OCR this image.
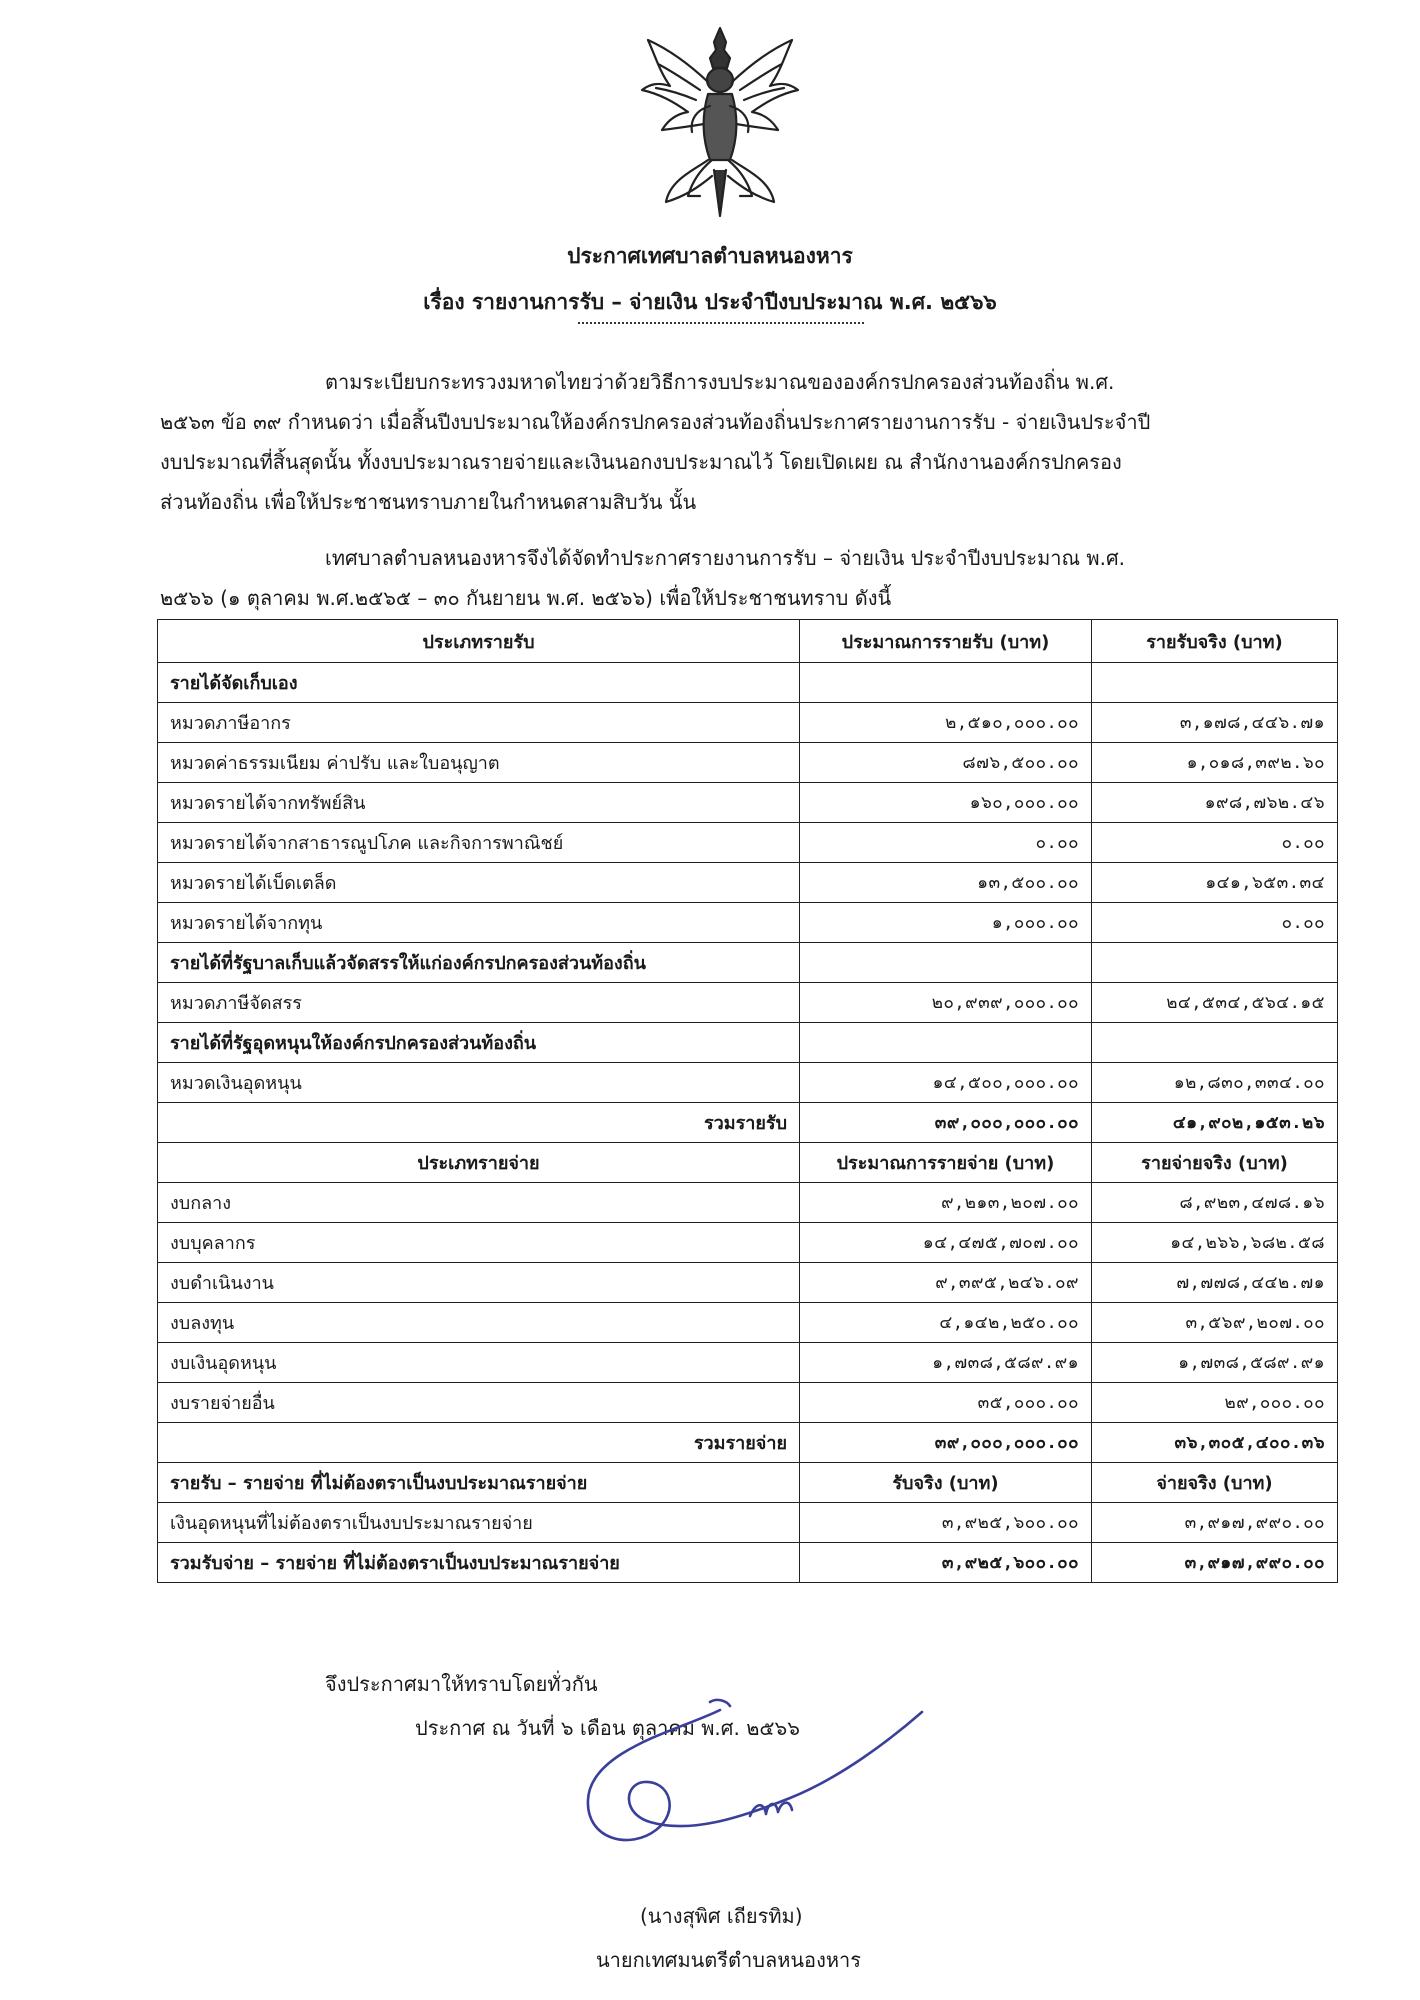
ประกาศเทศบาลตำบลหนองหาร
เรื่อง รายงานการรับ – จ่ายเงิน ประจำปีงบประมาณ พ.ศ. ๒๕๖๖
ตามระเบียบกระทรวงมหาดไทยว่าด้วยวิธีการงบประมาณขององค์กรปกครองส่วนท้องถิ่น พ.ศ.
๒๕๖๓ ข้อ ๓๙ กำหนดว่า เมื่อสิ้นปีงบประมาณให้องค์กรปกครองส่วนท้องถิ่นประกาศรายงานการรับ - จ่ายเงินประจำปี
งบประมาณที่สิ้นสุดนั้น ทั้งงบประมาณรายจ่ายและเงินนอกงบประมาณไว้ โดยเปิดเผย ณ สำนักงานองค์กรปกครอง
ส่วนท้องถิ่น เพื่อให้ประชาชนทราบภายในกำหนดสามสิบวัน นั้น
เทศบาลตำบลหนองหารจึงได้จัดทำประกาศรายงานการรับ – จ่ายเงิน ประจำปีงบประมาณ พ.ศ.
๒๕๖๖ (๑ ตุลาคม พ.ศ.๒๕๖๕ – ๓๐ กันยายน พ.ศ. ๒๕๖๖) เพื่อให้ประชาชนทราบ ดังนี้
ประเภทรายรับ	ประมาณการรายรับ (บาท)	รายรับจริง (บาท)
รายได้จัดเก็บเอง		
หมวดภาษีอากร	๒,๕๑๐,๐๐๐.๐๐	๓,๑๗๘,๔๔๖.๗๑
หมวดค่าธรรมเนียม ค่าปรับ และใบอนุญาต	๘๗๖,๕๐๐.๐๐	๑,๐๑๘,๓๙๒.๖๐
หมวดรายได้จากทรัพย์สิน	๑๖๐,๐๐๐.๐๐	๑๙๘,๗๖๒.๔๖
หมวดรายได้จากสาธารณูปโภค และกิจการพาณิชย์	๐.๐๐	๐.๐๐
หมวดรายได้เบ็ดเตล็ด	๑๓,๕๐๐.๐๐	๑๔๑,๖๕๓.๓๔
หมวดรายได้จากทุน	๑,๐๐๐.๐๐	๐.๐๐
รายได้ที่รัฐบาลเก็บแล้วจัดสรรให้แก่องค์กรปกครองส่วนท้องถิ่น		
หมวดภาษีจัดสรร	๒๐,๙๓๙,๐๐๐.๐๐	๒๔,๕๓๔,๕๖๔.๑๕
รายได้ที่รัฐอุดหนุนให้องค์กรปกครองส่วนท้องถิ่น		
หมวดเงินอุดหนุน	๑๔,๕๐๐,๐๐๐.๐๐	๑๒,๘๓๐,๓๓๔.๐๐
รวมรายรับ	๓๙,๐๐๐,๐๐๐.๐๐	๔๑,๙๐๒,๑๕๓.๒๖
ประเภทรายจ่าย	ประมาณการรายจ่าย (บาท)	รายจ่ายจริง (บาท)
งบกลาง	๙,๒๑๓,๒๐๗.๐๐	๘,๙๒๓,๔๗๘.๑๖
งบบุคลากร	๑๔,๔๗๕,๗๐๗.๐๐	๑๔,๒๖๖,๖๘๒.๕๘
งบดำเนินงาน	๙,๓๙๕,๒๔๖.๐๙	๗,๗๗๘,๔๔๒.๗๑
งบลงทุน	๔,๑๔๒,๒๕๐.๐๐	๓,๕๖๙,๒๐๗.๐๐
งบเงินอุดหนุน	๑,๗๓๘,๕๘๙.๙๑	๑,๗๓๘,๕๘๙.๙๑
งบรายจ่ายอื่น	๓๕,๐๐๐.๐๐	๒๙,๐๐๐.๐๐
รวมรายจ่าย	๓๙,๐๐๐,๐๐๐.๐๐	๓๖,๓๐๕,๔๐๐.๓๖
รายรับ – รายจ่าย ที่ไม่ต้องตราเป็นงบประมาณรายจ่าย	รับจริง (บาท)	จ่ายจริง (บาท)
เงินอุดหนุนที่ไม่ต้องตราเป็นงบประมาณรายจ่าย	๓,๙๒๕,๖๐๐.๐๐	๓,๙๑๗,๙๙๐.๐๐
รวมรับจ่าย – รายจ่าย ที่ไม่ต้องตราเป็นงบประมาณรายจ่าย	๓,๙๒๕,๖๐๐.๐๐	๓,๙๑๗,๙๙๐.๐๐
จึงประกาศมาให้ทราบโดยทั่วกัน
ประกาศ ณ วันที่ ๖ เดือน ตุลาคม พ.ศ. ๒๕๖๖
(นางสุพิศ เถียรทิม)
นายกเทศมนตรีตำบลหนองหาร
